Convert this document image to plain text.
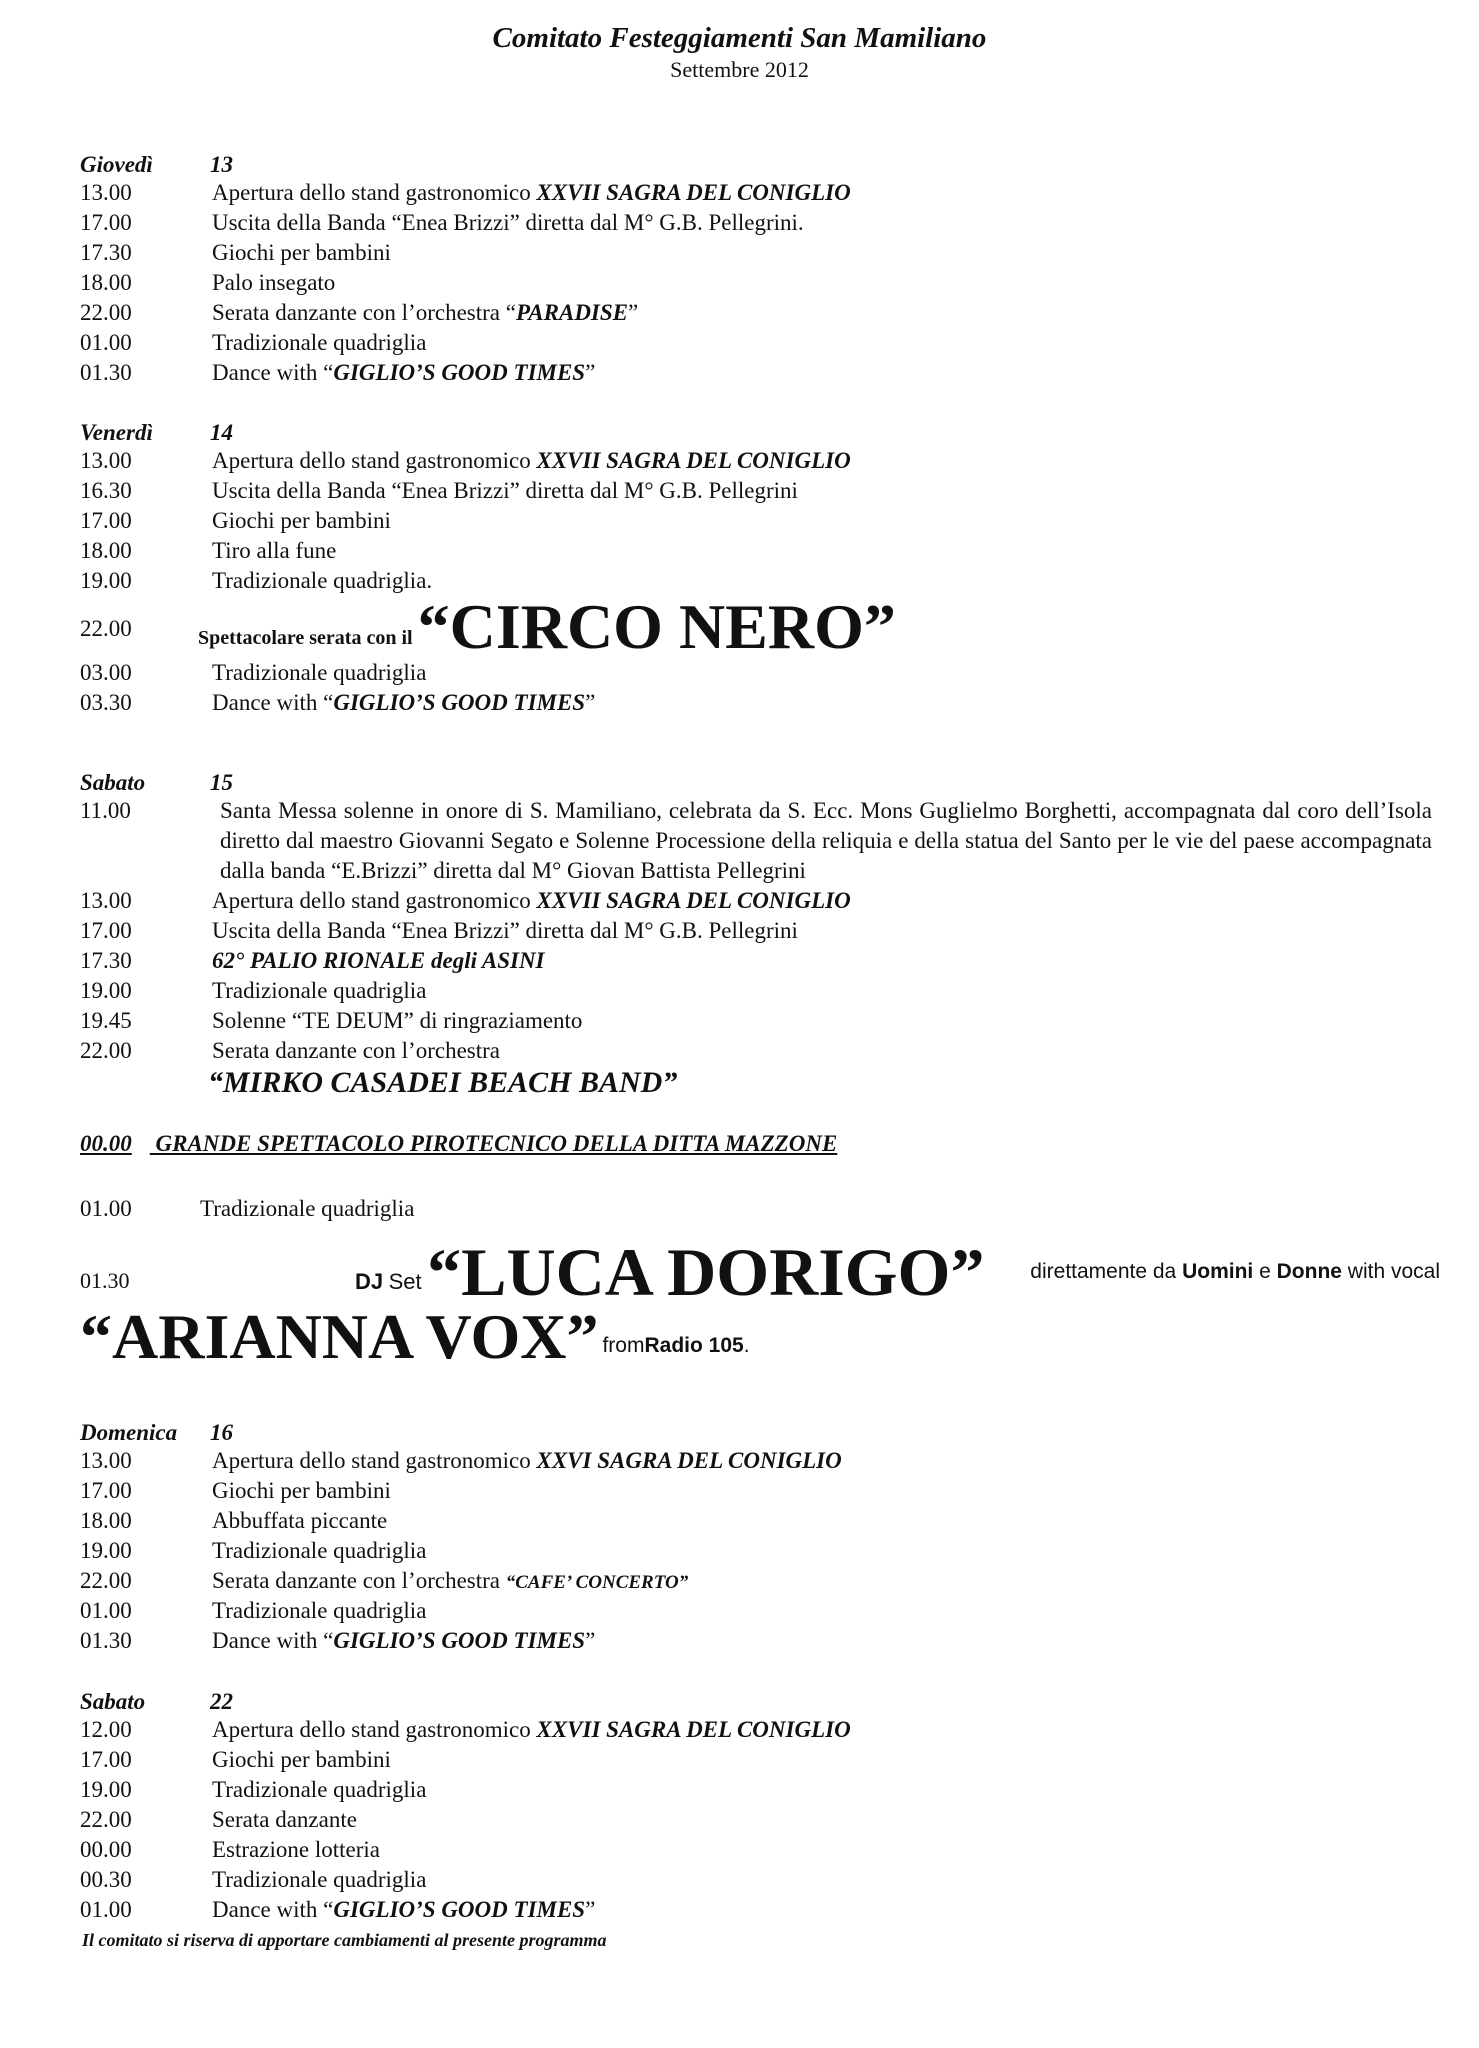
Comitato Festeggiamenti San Mamiliano
Settembre 2012
Giovedì 13
13.00	Apertura dello stand gastronomico XXVII SAGRA DEL CONIGLIO
17.00	Uscita della Banda “Enea Brizzi” diretta dal M° G.B. Pellegrini.
17.30	Giochi per bambini
18.00	Palo insegato
22.00	Serata danzante con l’orchestra “PARADISE”
01.00	Tradizionale quadriglia
01.30	Dance with “GIGLIO’S GOOD TIMES”
Venerdì 14
13.00	Apertura dello stand gastronomico XXVII SAGRA DEL CONIGLIO
16.30	Uscita della Banda “Enea Brizzi” diretta dal M° G.B. Pellegrini
17.00	Giochi per bambini
18.00	Tiro alla fune
19.00	Tradizionale quadriglia.
22.00	Spettacolare serata con il “CIRCO NERO”
03.00	Tradizionale quadriglia
03.30	Dance with “GIGLIO’S GOOD TIMES”
Sabato	15
11.00	Santa Messa solenne in onore di S. Mamiliano, celebrata da S. Ecc. Mons Guglielmo Borghetti, accompagnata dal coro dell’Isola diretto dal maestro Giovanni Segato e Solenne Processione della reliquia e della statua del Santo per le vie del paese accompagnata dalla banda “E.Brizzi” diretta dal M° Giovan Battista Pellegrini
13.00	Apertura dello stand gastronomico XXVII SAGRA DEL CONIGLIO
17.00	Uscita della Banda “Enea Brizzi” diretta dal M° G.B. Pellegrini
17.30	62° PALIO RIONALE degli ASINI
19.00	Tradizionale quadriglia
19.45	Solenne “TE DEUM” di ringraziamento
22.00	Serata danzante con l’orchestra
“MIRKO CASADEI BEACH BAND”
00.00 GRANDE SPETTACOLO PIROTECNICO DELLA DITTA MAZZONE
01.00	Tradizionale quadriglia
01.30	DJ Set “LUCA DORIGO” direttamente da Uomini e Donne with vocal
“ARIANNA VOX” fromRadio 105.
Domenica 16
13.00	Apertura dello stand gastronomico XXVI SAGRA DEL CONIGLIO
17.00	Giochi per bambini
18.00	Abbuffata piccante
19.00	Tradizionale quadriglia
22.00	Serata danzante con l’orchestra “CAFE’ CONCERTO”
01.00	Tradizionale quadriglia
01.30	Dance with “GIGLIO’S GOOD TIMES”
Sabato	22
12.00	Apertura dello stand gastronomico XXVII SAGRA DEL CONIGLIO
17.00	Giochi per bambini
19.00	Tradizionale quadriglia
22.00	Serata danzante
00.00	Estrazione lotteria
00.30	Tradizionale quadriglia
01.00	Dance with “GIGLIO’S GOOD TIMES”
Il comitato si riserva di apportare cambiamenti al presente programma
